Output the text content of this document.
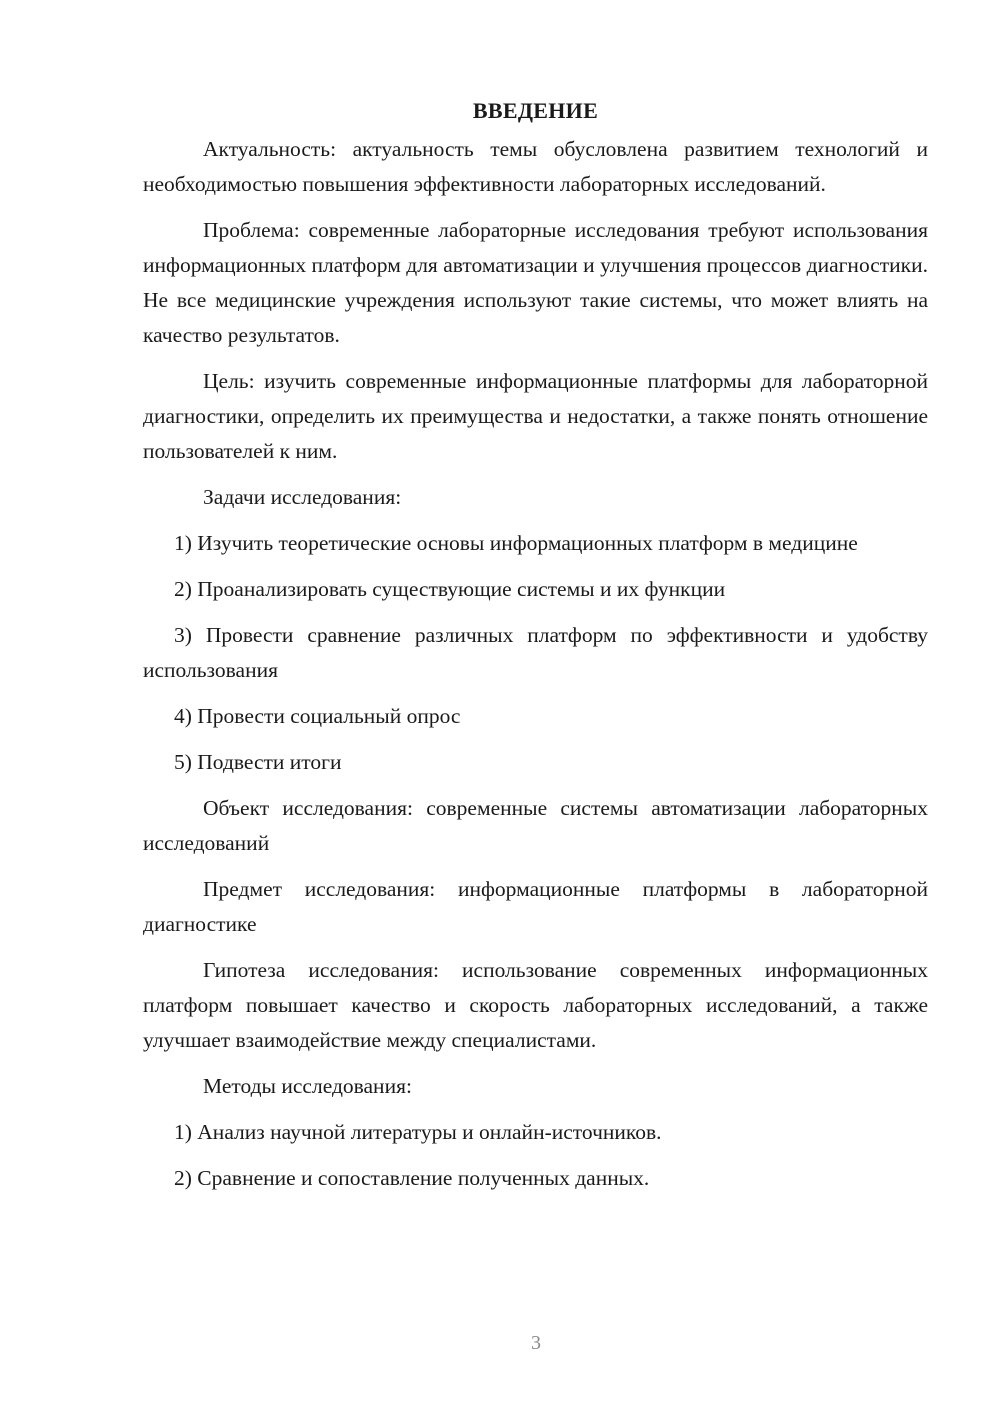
ВВЕДЕНИЕ

Актуальность: актуальность темы обусловлена развитием технологий и необходимостью повышения эффективности лабораторных исследований.

Проблема: современные лабораторные исследования требуют использования информационных платформ для автоматизации и улучшения процессов диагностики. Не все медицинские учреждения используют такие системы, что может влиять на качество результатов.

Цель: изучить современные информационные платформы для лабораторной диагностики, определить их преимущества и недостатки, а также понять отношение пользователей к ним.

Задачи исследования:

1) Изучить теоретические основы информационных платформ в медицине

2) Проанализировать существующие системы и их функции

3) Провести сравнение различных платформ по эффективности и удобству использования

4) Провести социальный опрос

5) Подвести итоги

Объект исследования: современные системы автоматизации лабораторных исследований

Предмет исследования: информационные платформы в лабораторной диагностике

Гипотеза исследования: использование современных информационных платформ повышает качество и скорость лабораторных исследований, а также улучшает взаимодействие между специалистами.

Методы исследования:

1) Анализ научной литературы и онлайн-источников.

2) Сравнение и сопоставление полученных данных.

3
